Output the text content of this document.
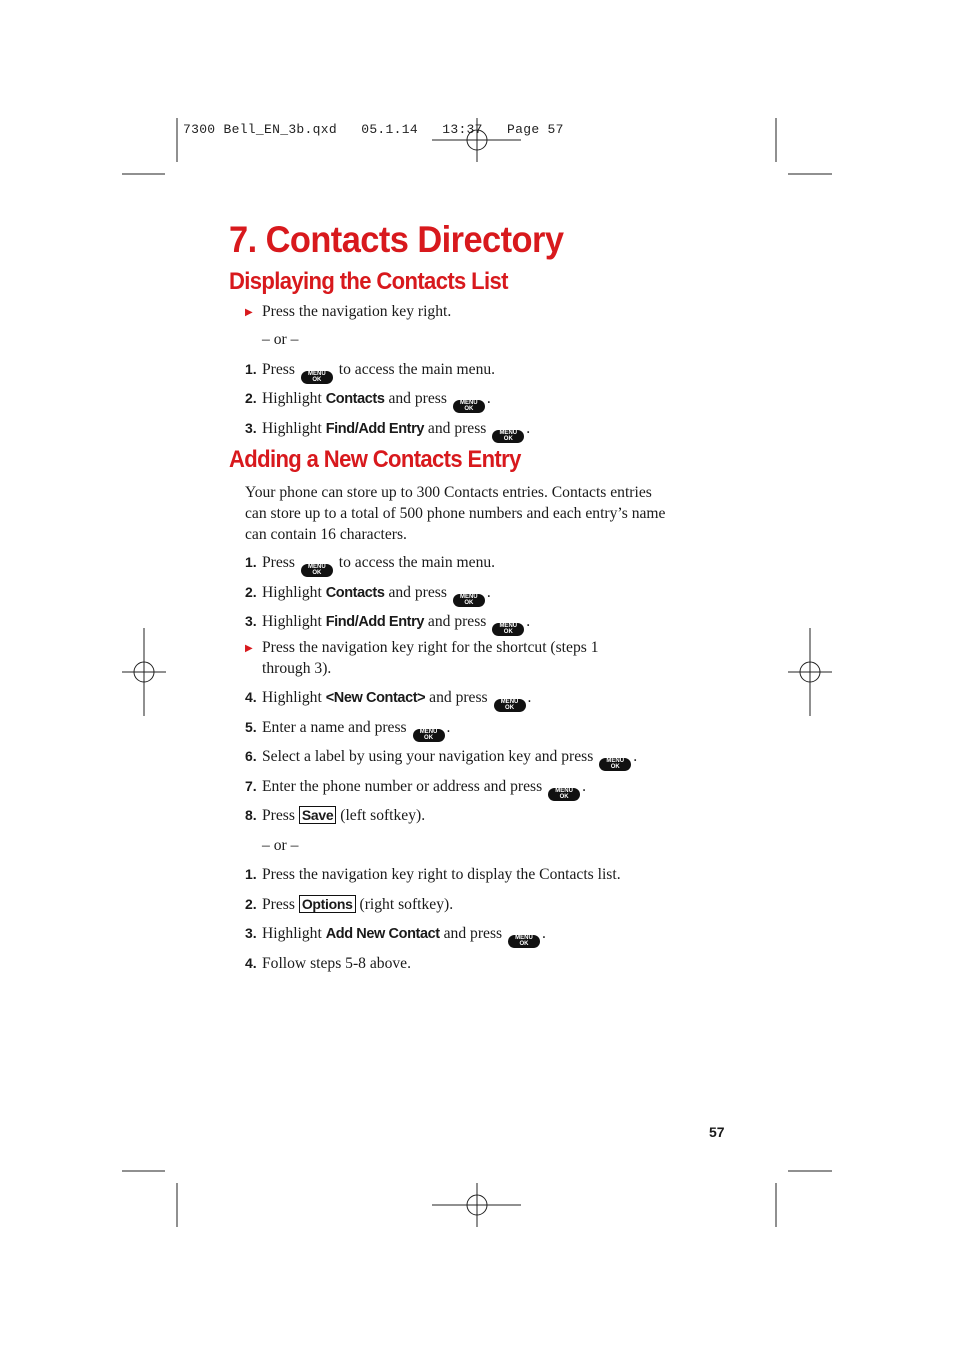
7300 Bell_EN_3b.qxd   05.1.14   13:37   Page 57
7. Contacts Directory
Displaying the Contacts List
▶ Press the navigation key right.
– or –
1. Press MENU
OK
to access the main menu.
2. Highlight Contacts and press MENU
OK
.
3. Highlight Find/Add Entry and press MENU
OK
.
Adding a New Contacts Entry
Your phone can store up to 300 Contacts entries. Contacts entries can store up to a total of 500 phone numbers and each entry’s name can contain 16 characters.
1. Press MENU
OK
to access the main menu.
2. Highlight Contacts and press MENU
OK
.
3. Highlight Find/Add Entry and press MENU
OK
.
▶ Press the navigation key right for the shortcut (steps 1 through 3).
4. Highlight <New Contact> and press MENU
OK
.
5. Enter a name and press MENU
OK
.
6. Select a label by using your navigation key and press MENU
OK
.
7. Enter the phone number or address and press MENU
OK
.
8. Press Save (left softkey).
– or –
1. Press the navigation key right to display the Contacts list.
2. Press Options (right softkey).
3. Highlight Add New Contact and press MENU
OK
.
4. Follow steps 5-8 above.
57
